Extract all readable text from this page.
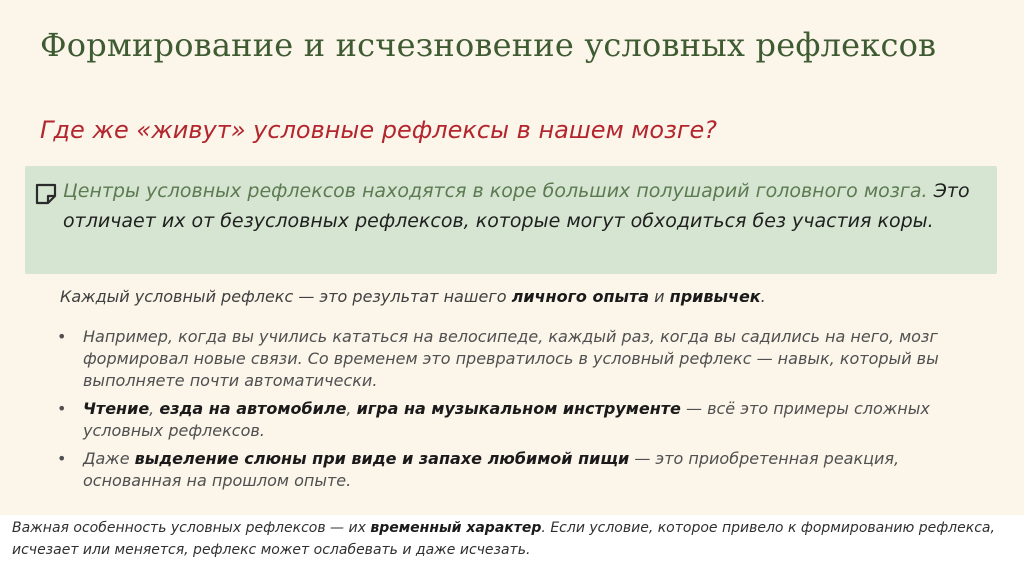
Формирование и исчезновение условных рефлексов
Где же «живут» условные рефлексы в нашем мозге?
Центры условных рефлексов находятся в коре больших полушарий головного мозга. Это отличает их от безусловных рефлексов, которые могут обходиться без участия коры.
Каждый условный рефлекс — это результат нашего личного опыта и привычек.
• Например, когда вы учились кататься на велосипеде, каждый раз, когда вы садились на него, мозг формировал новые связи. Со временем это превратилось в условный рефлекс — навык, который вы выполняете почти автоматически.
• Чтение, езда на автомобиле, игра на музыкальном инструменте — всё это примеры сложных условных рефлексов.
• Даже выделение слюны при виде и запахе любимой пищи — это приобретенная реакция, основанная на прошлом опыте.
Важная особенность условных рефлексов — их временный характер. Если условие, которое привело к формированию рефлекса, исчезает или меняется, рефлекс может ослабевать и даже исчезать.
